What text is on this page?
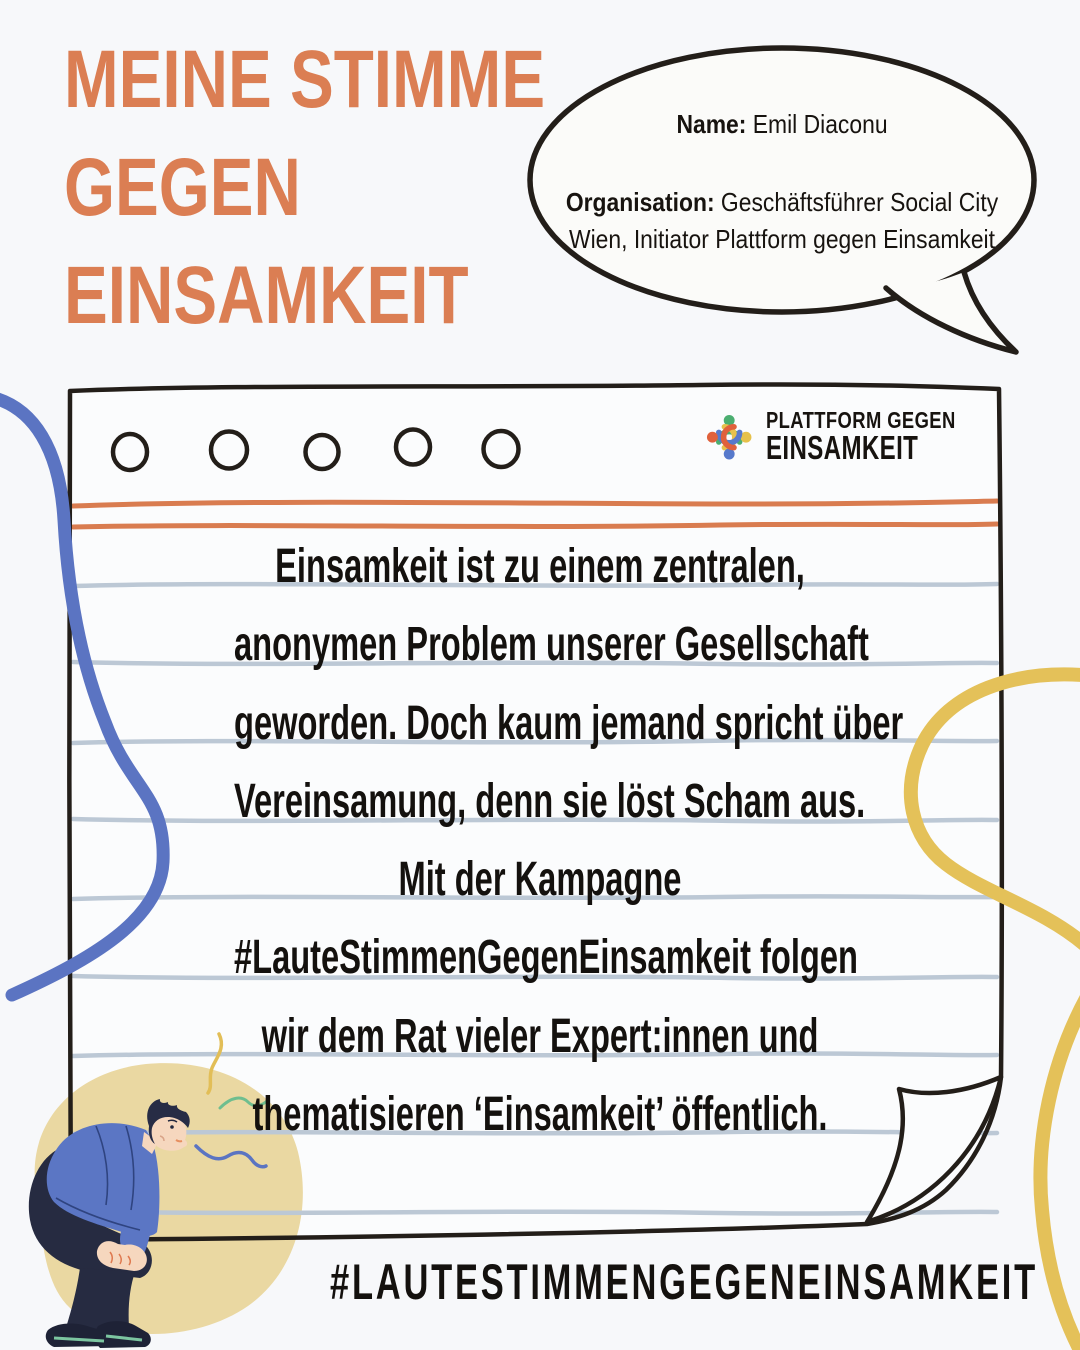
MEINE STIMME
GEGEN
EINSAMKEIT

Name: Emil Diaconu

Organisation: Geschäftsführer Social City
Wien, Initiator Plattform gegen Einsamkeit

PLATTFORM GEGEN
EINSAMKEIT
Einsamkeit ist zu einem zentralen,
anonymen Problem unserer Gesellschaft
geworden. Doch kaum jemand spricht über
Vereinsamung, denn sie löst Scham aus.
Mit der Kampagne
#LauteStimmenGegenEinsamkeit folgen
wir dem Rat vieler Expert:innen und
thematisieren ‘Einsamkeit’ öffentlich.
#LAUTESTIMMENGEGENEINSAMKEIT
